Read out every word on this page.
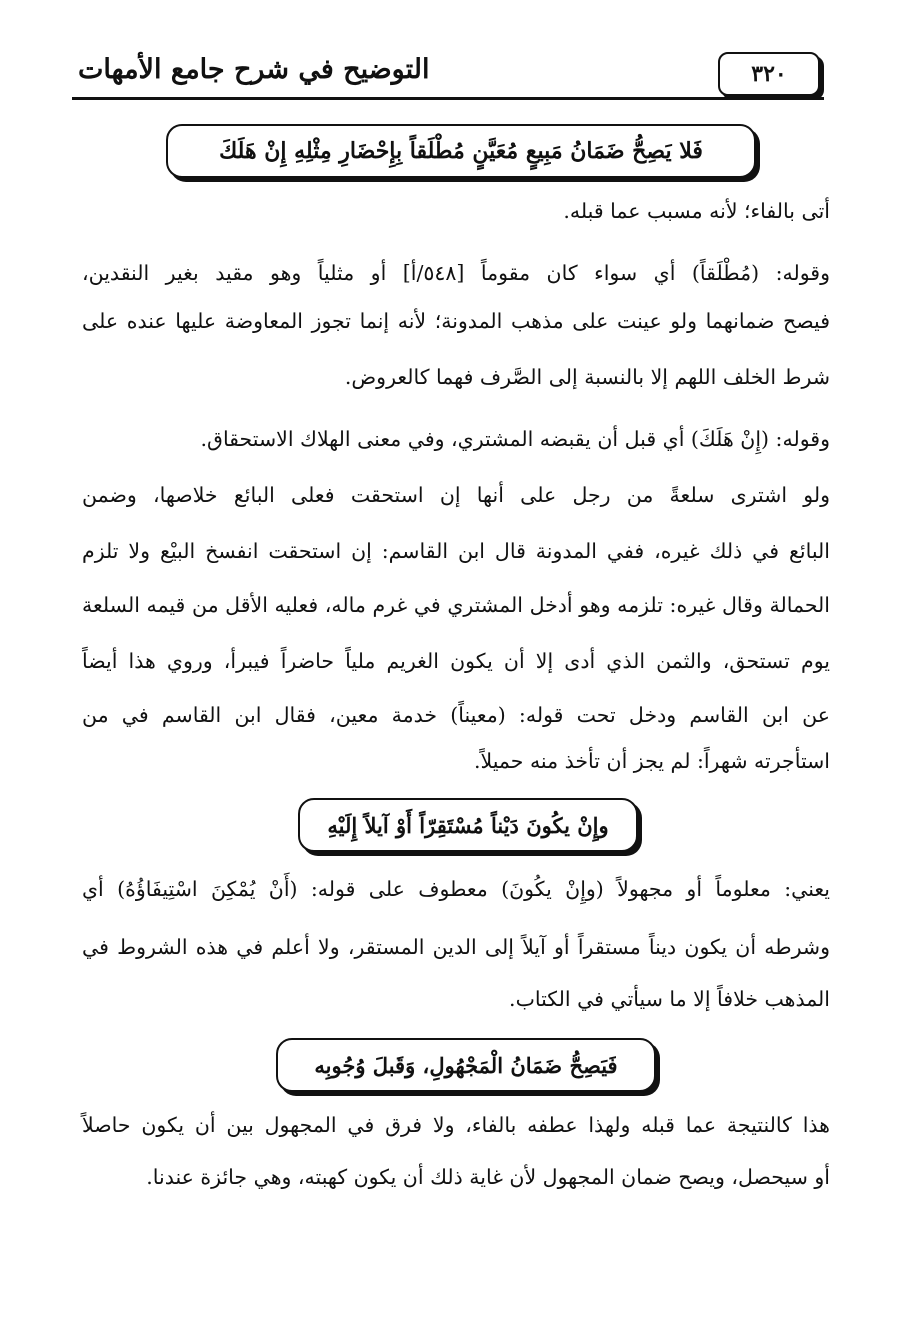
٣٢٠
التوضيح في شرح جامع الأمهات
فَلا يَصِحُّ ضَمَانُ مَبِيعٍ مُعَيَّنٍ مُطْلَقاً بِإِحْضَارِ مِثْلِهِ إِنْ هَلَكَ
أتى بالفاء؛ لأنه مسبب عما قبله.
وقوله: (مُطْلَقاً) أي سواء كان مقوماً [٥٤٨/أ] أو مثلياً وهو مقيد بغير النقدين،
فيصح ضمانهما ولو عينت على مذهب المدونة؛ لأنه إنما تجوز المعاوضة عليها عنده على
شرط الخلف اللهم إلا بالنسبة إلى الصَّرف فهما كالعروض.
وقوله: (إِنْ هَلَكَ) أي قبل أن يقبضه المشتري، وفي معنى الهلاك الاستحقاق.
ولو اشترى سلعةً من رجل على أنها إن استحقت فعلى البائع خلاصها، وضمن
البائع في ذلك غيره، ففي المدونة قال ابن القاسم: إن استحقت انفسخ البيْع ولا تلزم
الحمالة وقال غيره: تلزمه وهو أدخل المشتري في غرم ماله، فعليه الأقل من قيمه السلعة
يوم تستحق، والثمن الذي أدى إلا أن يكون الغريم ملياً حاضراً فيبرأ، وروي هذا أيضاً
عن ابن القاسم ودخل تحت قوله: (معيناً) خدمة معين، فقال ابن القاسم في من
استأجرته شهراً: لم يجز أن تأخذ منه حميلاً.
وإِنْ يكُونَ دَيْناً مُسْتَقِرّاً أَوْ آيلاً إِلَيْهِ
يعني: معلوماً أو مجهولاً (وإِنْ يكُونَ) معطوف على قوله: (أَنْ يُمْكِنَ اسْتِيفَاؤُهُ) أي
وشرطه أن يكون ديناً مستقراً أو آيلاً إلى الدين المستقر، ولا أعلم في هذه الشروط في
المذهب خلافاً إلا ما سيأتي في الكتاب.
فَيَصِحُّ ضَمَانُ الْمَجْهُولِ، وَقَبلَ وُجُوبِه
هذا كالنتيجة عما قبله ولهذا عطفه بالفاء، ولا فرق في المجهول بين أن يكون حاصلاً
أو سيحصل، ويصح ضمان المجهول لأن غاية ذلك أن يكون كهبته، وهي جائزة عندنا.
